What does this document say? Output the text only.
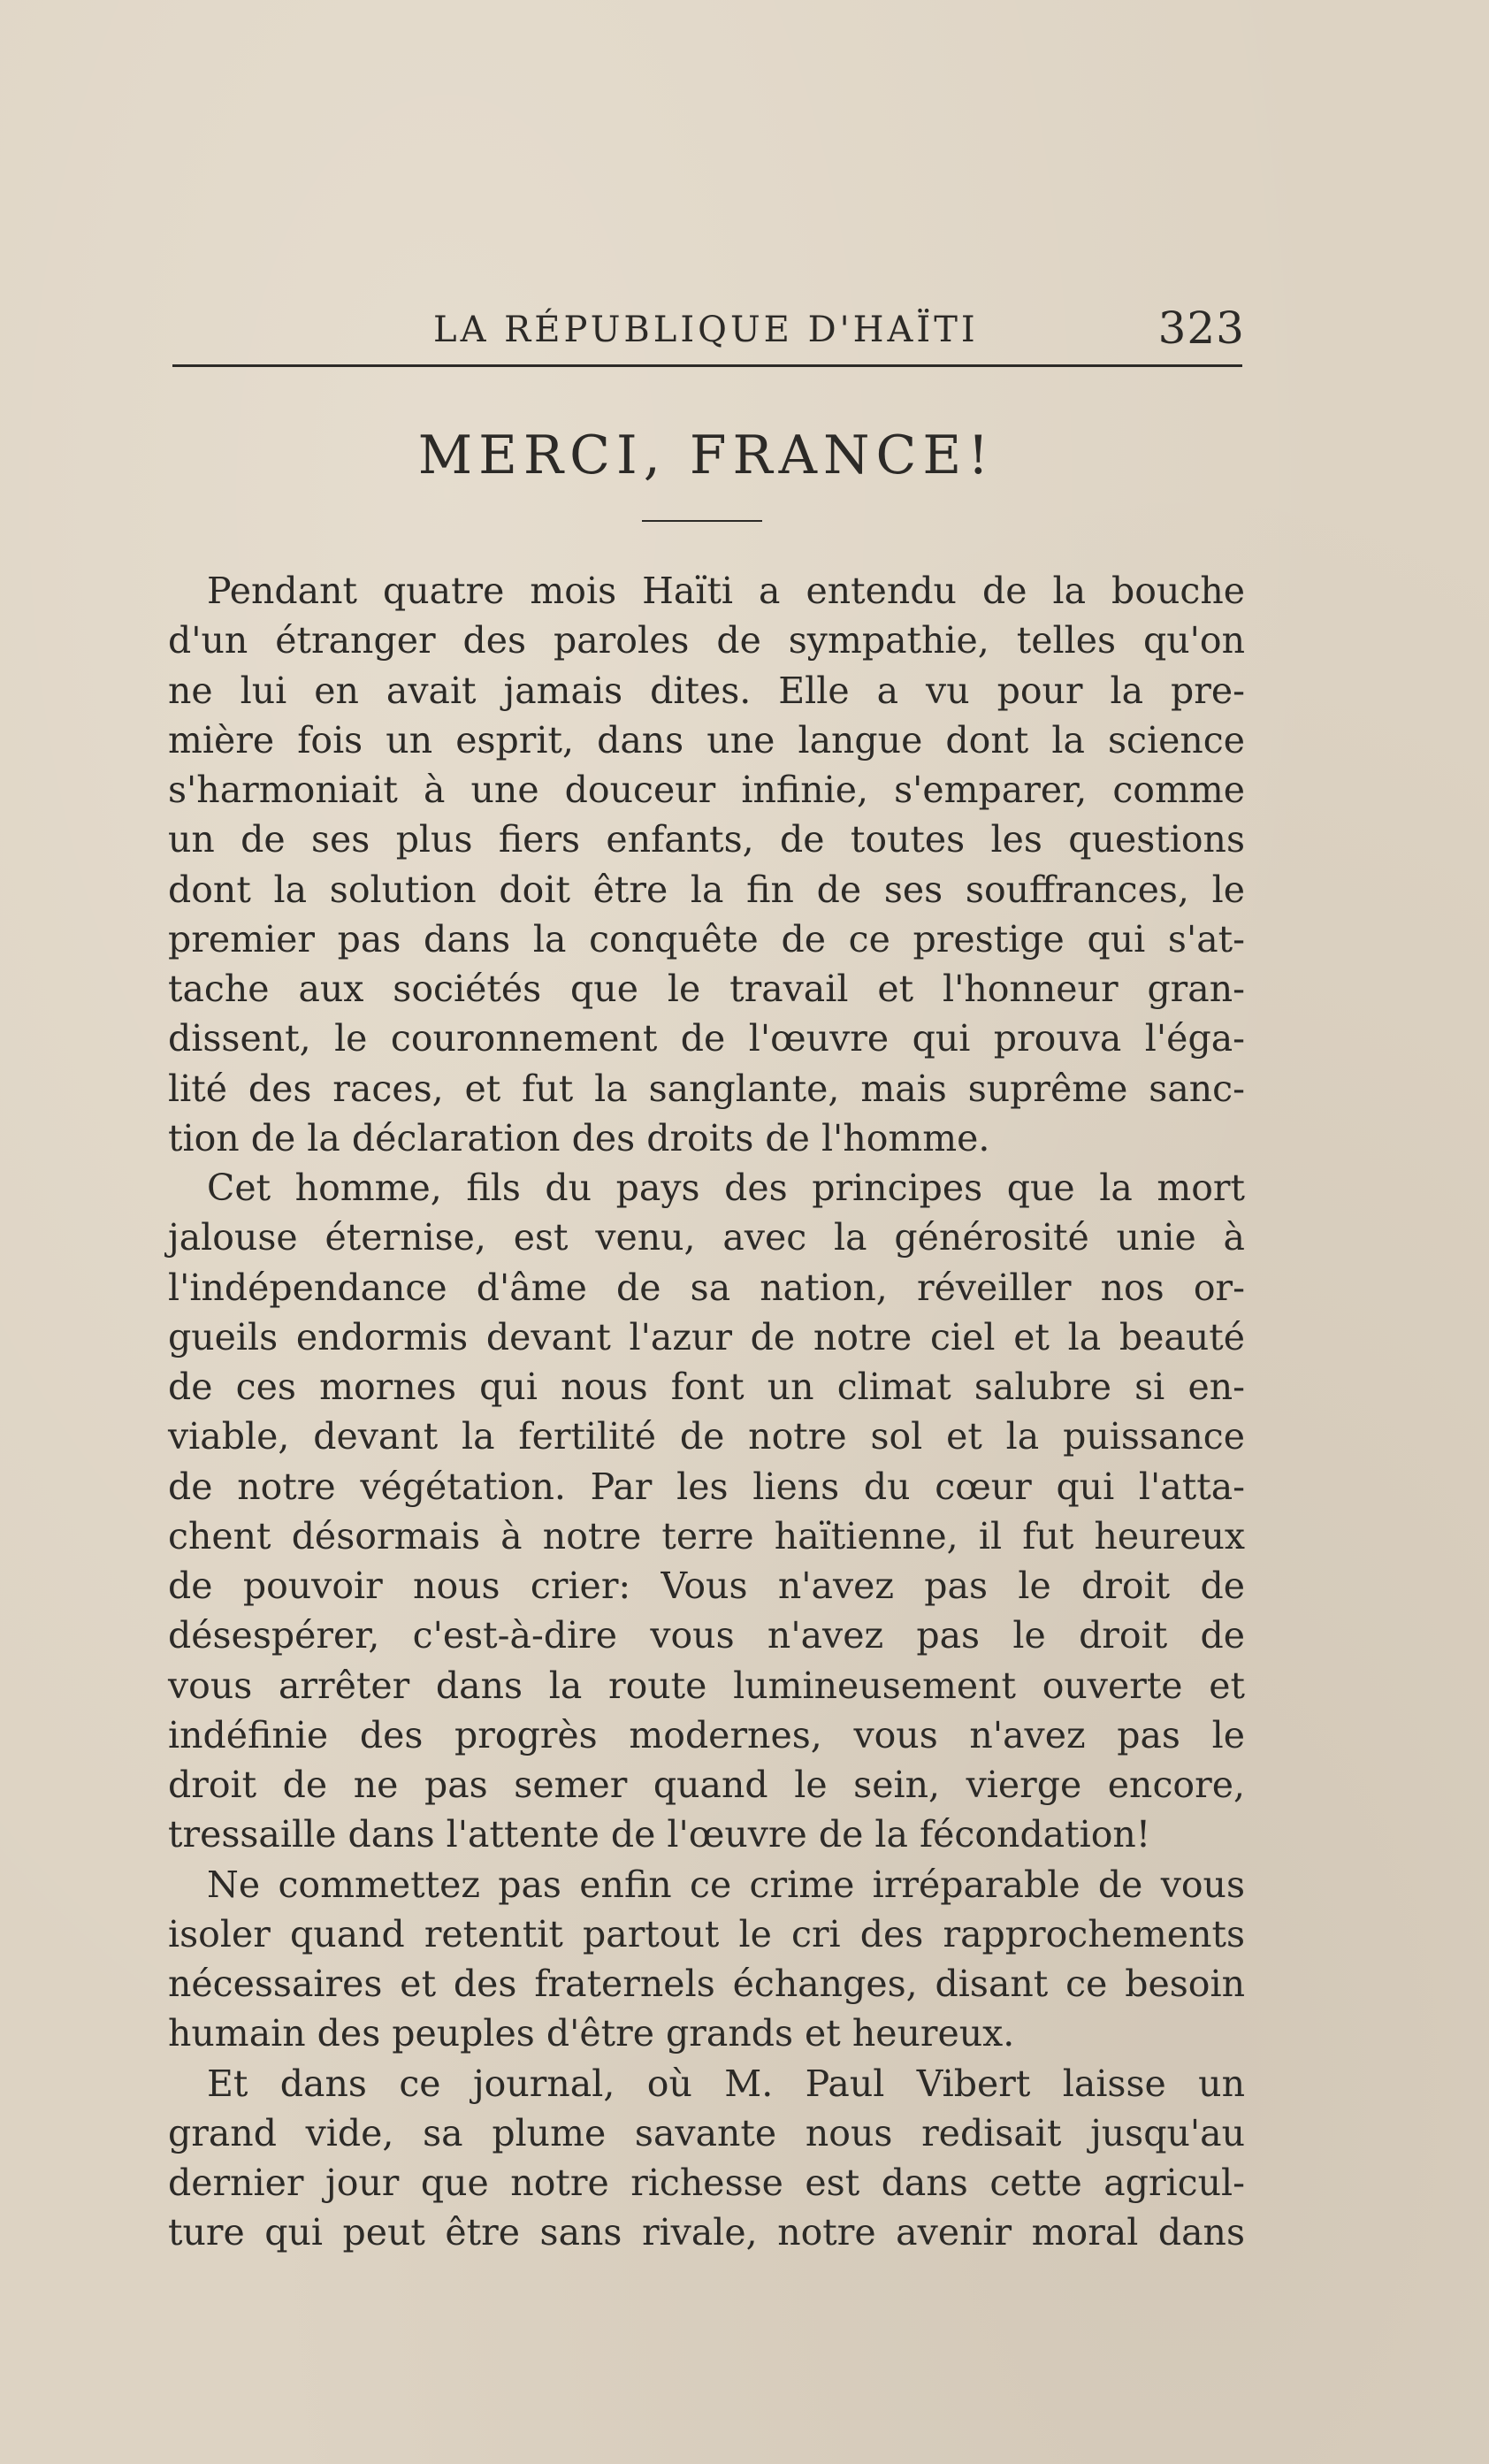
LA RÉPUBLIQUE D'HAÏTI	323
MERCI, FRANCE!
Pendant quatre mois Haïti a entendu de la bouche
d'un étranger des paroles de sympathie, telles qu'on
ne lui en avait jamais dites. Elle a vu pour la pre-
mière fois un esprit, dans une langue dont la science
s'harmoniait à une douceur infinie, s'emparer, comme
un de ses plus fiers enfants, de toutes les questions
dont la solution doit être la fin de ses souffrances, le
premier pas dans la conquête de ce prestige qui s'at-
tache aux sociétés que le travail et l'honneur gran-
dissent, le couronnement de l'œuvre qui prouva l'éga-
lité des races, et fut la sanglante, mais suprême sanc-
tion de la déclaration des droits de l'homme.
Cet homme, fils du pays des principes que la mort
jalouse éternise, est venu, avec la générosité unie à
l'indépendance d'âme de sa nation, réveiller nos or-
gueils endormis devant l'azur de notre ciel et la beauté
de ces mornes qui nous font un climat salubre si en-
viable, devant la fertilité de notre sol et la puissance
de notre végétation. Par les liens du cœur qui l'atta-
chent désormais à notre terre haïtienne, il fut heureux
de pouvoir nous crier: Vous n'avez pas le droit de
désespérer, c'est-à-dire vous n'avez pas le droit de
vous arrêter dans la route lumineusement ouverte et
indéfinie des progrès modernes, vous n'avez pas le
droit de ne pas semer quand le sein, vierge encore,
tressaille dans l'attente de l'œuvre de la fécondation!
Ne commettez pas enfin ce crime irréparable de vous
isoler quand retentit partout le cri des rapprochements
nécessaires et des fraternels échanges, disant ce besoin
humain des peuples d'être grands et heureux.
Et dans ce journal, où M. Paul Vibert laisse un
grand vide, sa plume savante nous redisait jusqu'au
dernier jour que notre richesse est dans cette agricul-
ture qui peut être sans rivale, notre avenir moral dans
